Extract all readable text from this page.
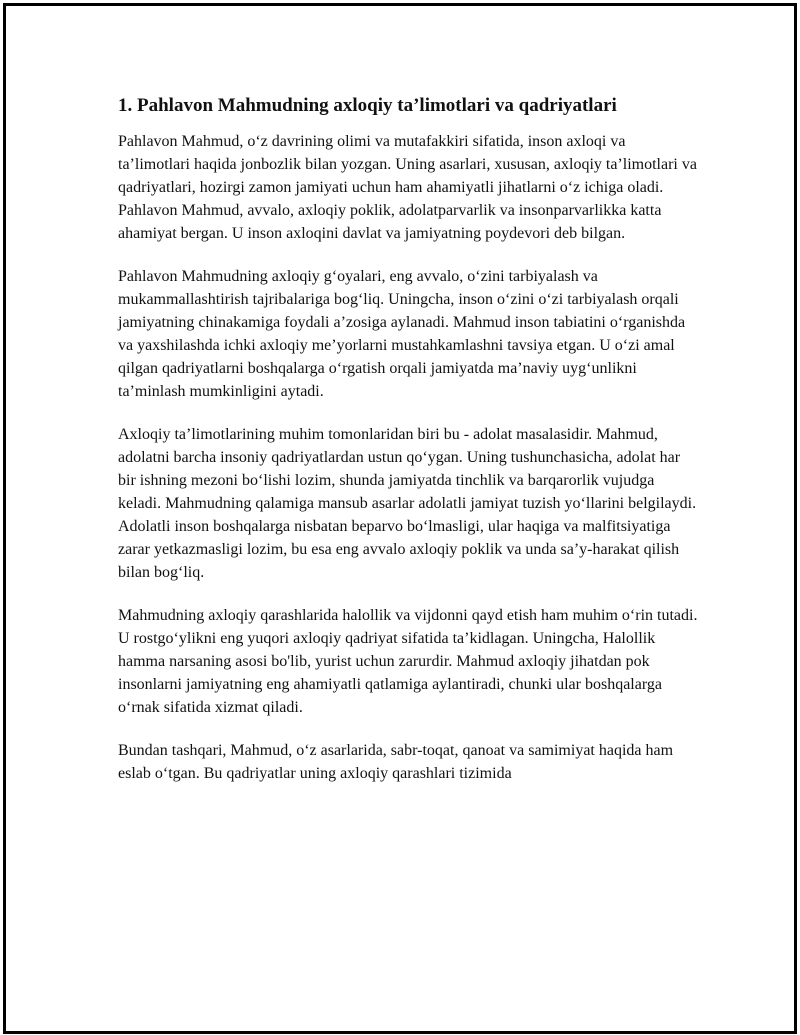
1. Pahlavon Mahmudning axloqiy ta’limotlari va qadriyatlari

Pahlavon Mahmud, o‘z davrining olimi va mutafakkiri sifatida, inson axloqi va ta’limotlari haqida jonbozlik bilan yozgan. Uning asarlari, xususan, axloqiy ta’limotlari va qadriyatlari, hozirgi zamon jamiyati uchun ham ahamiyatli jihatlarni o‘z ichiga oladi. Pahlavon Mahmud, avvalo, axloqiy poklik, adolatparvarlik va insonparvarlikka katta ahamiyat bergan. U inson axloqini davlat va jamiyatning poydevori deb bilgan.

Pahlavon Mahmudning axloqiy g‘oyalari, eng avvalo, o‘zini tarbiyalash va mukammallashtirish tajribalariga bog‘liq. Uningcha, inson o‘zini o‘zi tarbiyalash orqali jamiyatning chinakamiga foydali a’zosiga aylanadi. Mahmud inson tabiatini o‘rganishda va yaxshilashda ichki axloqiy me’yorlarni mustahkamlashni tavsiya etgan. U o‘zi amal qilgan qadriyatlarni boshqalarga o‘rgatish orqali jamiyatda ma’naviy uyg‘unlikni ta’minlash mumkinligini aytadi.

Axloqiy ta’limotlarining muhim tomonlaridan biri bu - adolat masalasidir. Mahmud, adolatni barcha insoniy qadriyatlardan ustun qo‘ygan. Uning tushunchasicha, adolat har bir ishning mezoni bo‘lishi lozim, shunda jamiyatda tinchlik va barqarorlik vujudga keladi. Mahmudning qalamiga mansub asarlar adolatli jamiyat tuzish yo‘llarini belgilaydi. Adolatli inson boshqalarga nisbatan beparvo bo‘lmasligi, ular haqiga va malfitsiyatiga zarar yetkazmasligi lozim, bu esa eng avvalo axloqiy poklik va unda sa’y-harakat qilish bilan bog‘liq.

Mahmudning axloqiy qarashlarida halollik va vijdonni qayd etish ham muhim o‘rin tutadi. U rostgo‘ylikni eng yuqori axloqiy qadriyat sifatida ta’kidlagan. Uningcha, Halollik hamma narsaning asosi bo'lib, yurist uchun zarurdir. Mahmud axloqiy jihatdan pok insonlarni jamiyatning eng ahamiyatli qatlamiga aylantiradi, chunki ular boshqalarga o‘rnak sifatida xizmat qiladi.

Bundan tashqari, Mahmud, o‘z asarlarida, sabr-toqat, qanoat va samimiyat haqida ham eslab o‘tgan. Bu qadriyatlar uning axloqiy qarashlari tizimida
